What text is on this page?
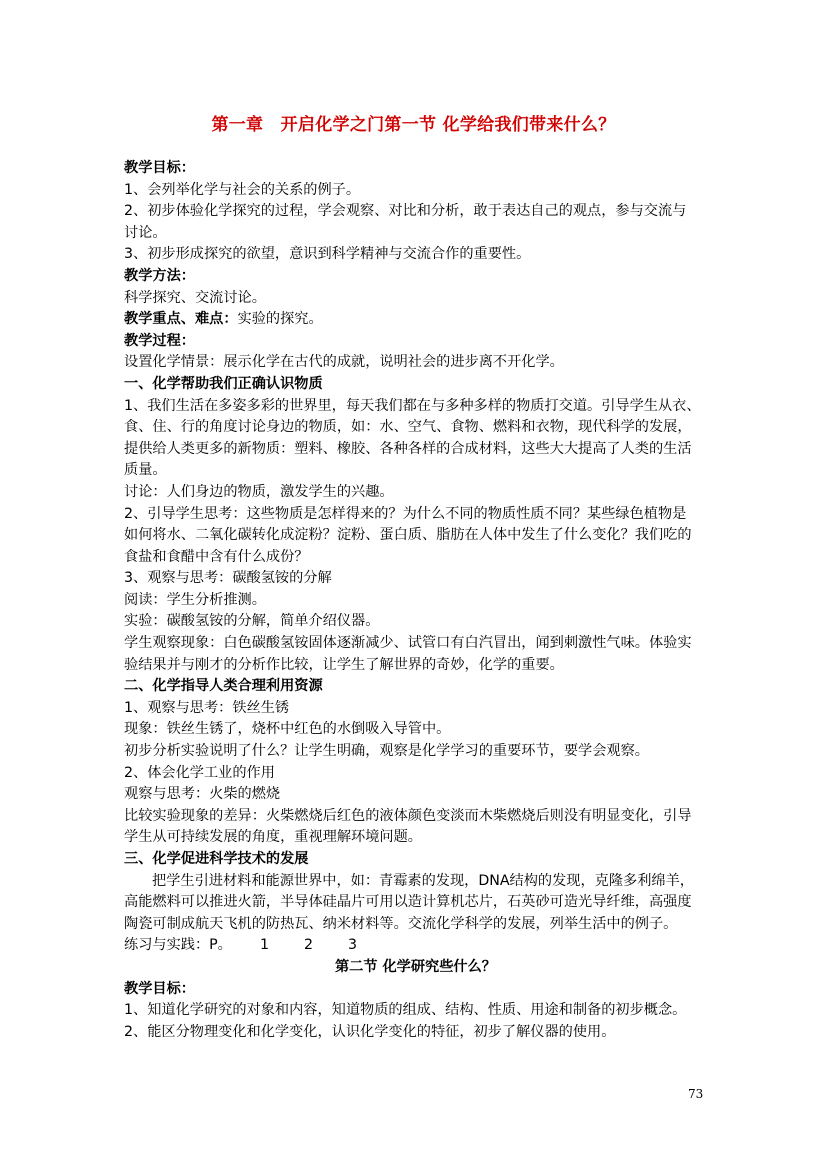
第一章　开启化学之门第一节 化学给我们带来什么？
教学目标：
1、会列举化学与社会的关系的例子。
2、初步体验化学探究的过程，学会观察、对比和分析，敢于表达自己的观点，参与交流与
讨论。
3、初步形成探究的欲望，意识到科学精神与交流合作的重要性。
教学方法：
科学探究、交流讨论。
教学重点、难点：实验的探究。
教学过程：
设置化学情景：展示化学在古代的成就，说明社会的进步离不开化学。
一、化学帮助我们正确认识物质
1、我们生活在多姿多彩的世界里，每天我们都在与多种多样的物质打交道。引导学生从衣、
食、住、行的角度讨论身边的物质，如：水、空气、食物、燃料和衣物，现代科学的发展，
提供给人类更多的新物质：塑料、橡胶、各种各样的合成材料，这些大大提高了人类的生活
质量。
讨论：人们身边的物质，激发学生的兴趣。
2、引导学生思考：这些物质是怎样得来的？为什么不同的物质性质不同？某些绿色植物是
如何将水、二氧化碳转化成淀粉？淀粉、蛋白质、脂肪在人体中发生了什么变化？我们吃的
食盐和食醋中含有什么成份？
3、观察与思考：碳酸氢铵的分解
阅读：学生分析推测。
实验：碳酸氢铵的分解，简单介绍仪器。
学生观察现象：白色碳酸氢铵固体逐渐减少、试管口有白汽冒出，闻到刺激性气味。体验实
验结果并与刚才的分析作比较，让学生了解世界的奇妙，化学的重要。
二、化学指导人类合理利用资源
1、观察与思考：铁丝生锈
现象：铁丝生锈了，烧杯中红色的水倒吸入导管中。
初步分析实验说明了什么？让学生明确，观察是化学学习的重要环节，要学会观察。
2、体会化学工业的作用
观察与思考：火柴的燃烧
比较实验现象的差异：火柴燃烧后红色的液体颜色变淡而木柴燃烧后则没有明显变化，引导
学生从可持续发展的角度，重视理解环境问题。
三、化学促进科学技术的发展
把学生引进材料和能源世界中，如：青霉素的发现，DNA结构的发现，克隆多利绵羊，
高能燃料可以推进火箭，半导体硅晶片可用以造计算机芯片，石英砂可造光导纤维，高强度
陶瓷可制成航天飞机的防热瓦、纳米材料等。交流化学科学的发展，列举生活中的例子。
练习与实践：P。 1 2 3
第二节 化学研究些什么？
教学目标：
1、知道化学研究的对象和内容，知道物质的组成、结构、性质、用途和制备的初步概念。
2、能区分物理变化和化学变化，认识化学变化的特征，初步了解仪器的使用。
73
